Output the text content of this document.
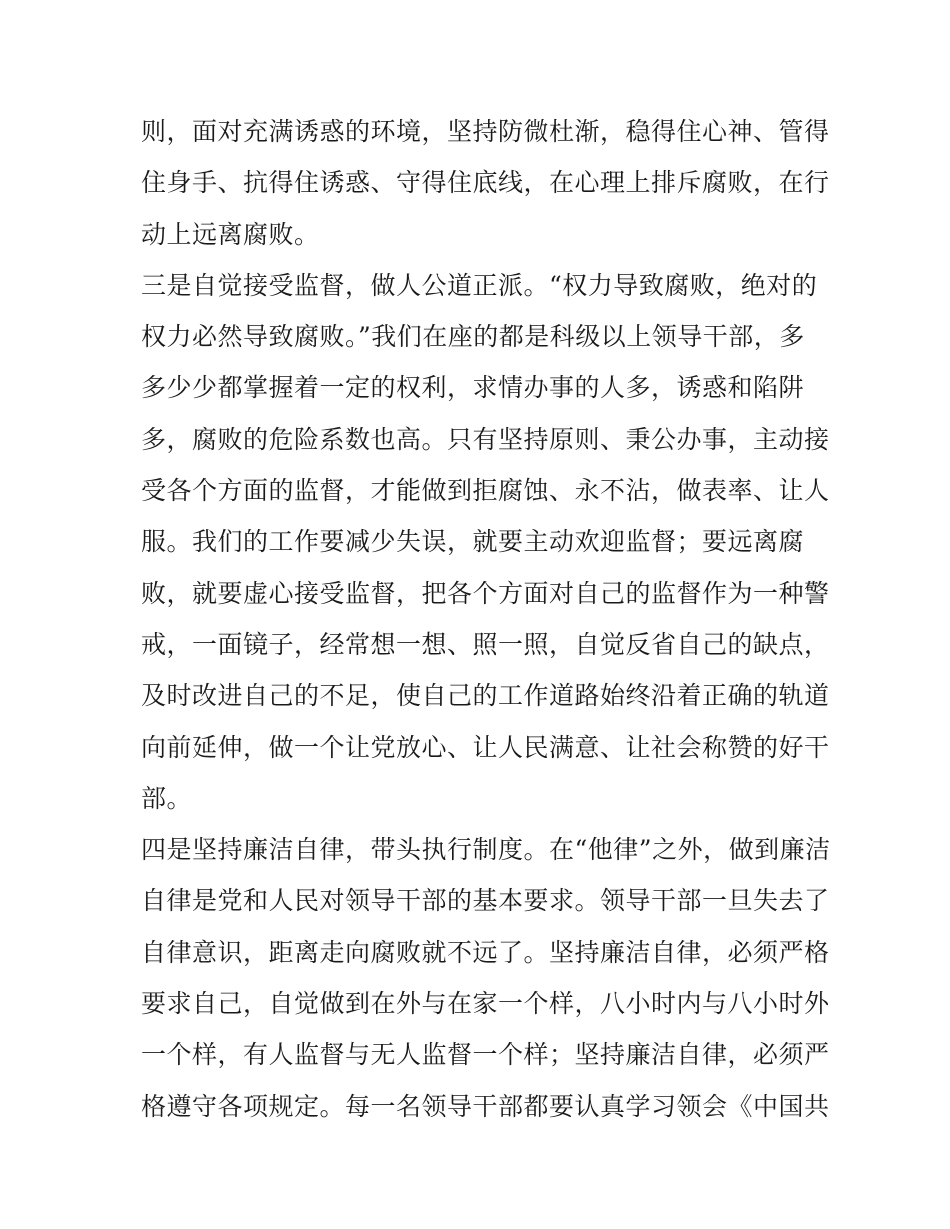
则，面对充满诱惑的环境，坚持防微杜渐，稳得住心神、管得
住身手、抗得住诱惑、守得住底线，在心理上排斥腐败，在行
动上远离腐败。
三是自觉接受监督，做人公道正派。“权力导致腐败，绝对的
权力必然导致腐败。”我们在座的都是科级以上领导干部，多
多少少都掌握着一定的权利，求情办事的人多，诱惑和陷阱
多，腐败的危险系数也高。只有坚持原则、秉公办事，主动接
受各个方面的监督，才能做到拒腐蚀、永不沾，做表率、让人
服。我们的工作要减少失误，就要主动欢迎监督；要远离腐
败，就要虚心接受监督，把各个方面对自己的监督作为一种警
戒，一面镜子，经常想一想、照一照，自觉反省自己的缺点，
及时改进自己的不足，使自己的工作道路始终沿着正确的轨道
向前延伸，做一个让党放心、让人民满意、让社会称赞的好干
部。
四是坚持廉洁自律，带头执行制度。在“他律”之外，做到廉洁
自律是党和人民对领导干部的基本要求。领导干部一旦失去了
自律意识，距离走向腐败就不远了。坚持廉洁自律，必须严格
要求自己，自觉做到在外与在家一个样，八小时内与八小时外
一个样，有人监督与无人监督一个样；坚持廉洁自律，必须严
格遵守各项规定。每一名领导干部都要认真学习领会《中国共
